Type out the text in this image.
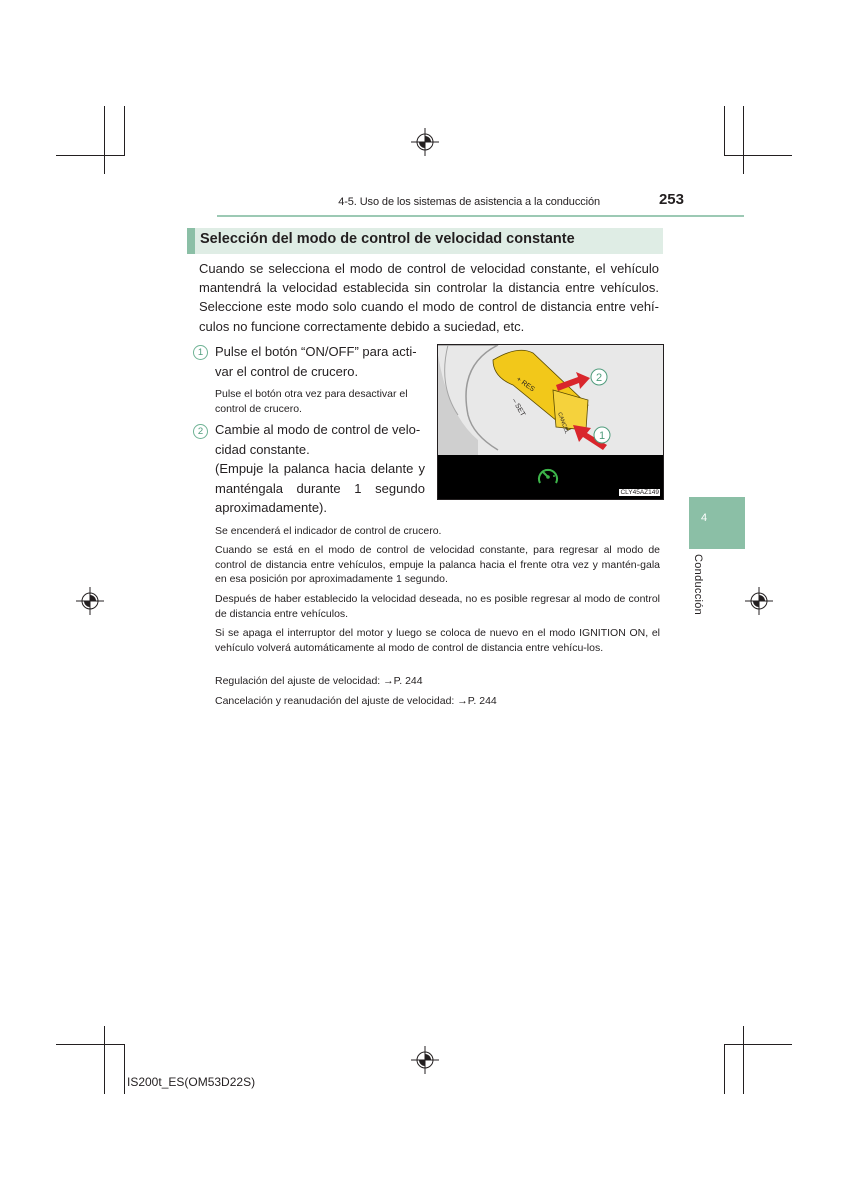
4-5. Uso de los sistemas de asistencia a la conducción	253
Selección del modo de control de velocidad constante
Cuando se selecciona el modo de control de velocidad constante, el vehículo mantendrá la velocidad establecida sin controlar la distancia entre vehículos. Seleccione este modo solo cuando el modo de control de distancia entre vehí-culos no funcione correctamente debido a suciedad, etc.
1 Pulse el botón “ON/OFF” para acti-
var el control de crucero.
Pulse el botón otra vez para desactivar el
control de crucero.
2 Cambie al modo de control de velo-
cidad constante.
(Empuje la palanca hacia delante y
manténgala durante 1 segundo
aproximadamente).
+ RES
– SET
CANCEL
2
1
CLY45AZ149
Se encenderá el indicador de control de crucero.
Cuando se está en el modo de control de velocidad constante, para regresar al modo de control de distancia entre vehículos, empuje la palanca hacia el frente otra vez y mantén-gala en esa posición por aproximadamente 1 segundo.
Después de haber establecido la velocidad deseada, no es posible regresar al modo de control de distancia entre vehículos.
Si se apaga el interruptor del motor y luego se coloca de nuevo en el modo IGNITION ON, el vehículo volverá automáticamente al modo de control de distancia entre vehícu-los.
Regulación del ajuste de velocidad: →P. 244
Cancelación y reanudación del ajuste de velocidad: →P. 244
4
Conducción
IS200t_ES(OM53D22S)
